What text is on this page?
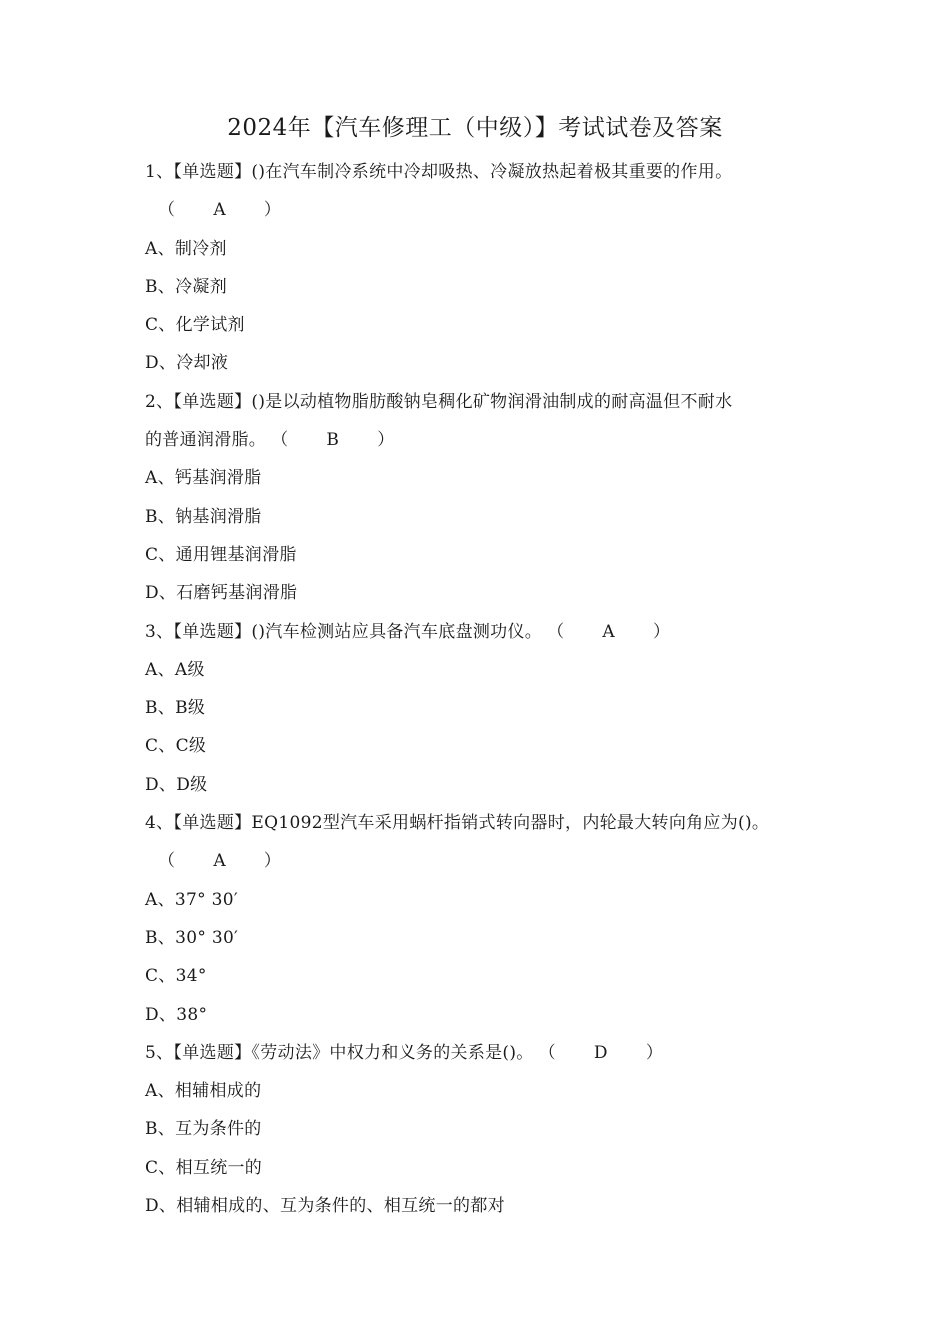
2024年【汽车修理工（中级）】考试试卷及答案
1、【单选题】()在汽车制冷系统中冷却吸热、冷凝放热起着极其重要的作用。
（ A ）
A、制冷剂
B、冷凝剂
C、化学试剂
D、冷却液
2、【单选题】()是以动植物脂肪酸钠皂稠化矿物润滑油制成的耐高温但不耐水
的普通润滑脂。 （ B ）
A、钙基润滑脂
B、钠基润滑脂
C、通用锂基润滑脂
D、石磨钙基润滑脂
3、【单选题】()汽车检测站应具备汽车底盘测功仪。 （ A ）
A、A级
B、B级
C、C级
D、D级
4、【单选题】EQ1092型汽车采用蜗杆指销式转向器时，内轮最大转向角应为()。
（ A ）
A、37° 30′
B、30° 30′
C、34°
D、38°
5、【单选题】《劳动法》中权力和义务的关系是()。 （ D ）
A、相辅相成的
B、互为条件的
C、相互统一的
D、相辅相成的、互为条件的、相互统一的都对
